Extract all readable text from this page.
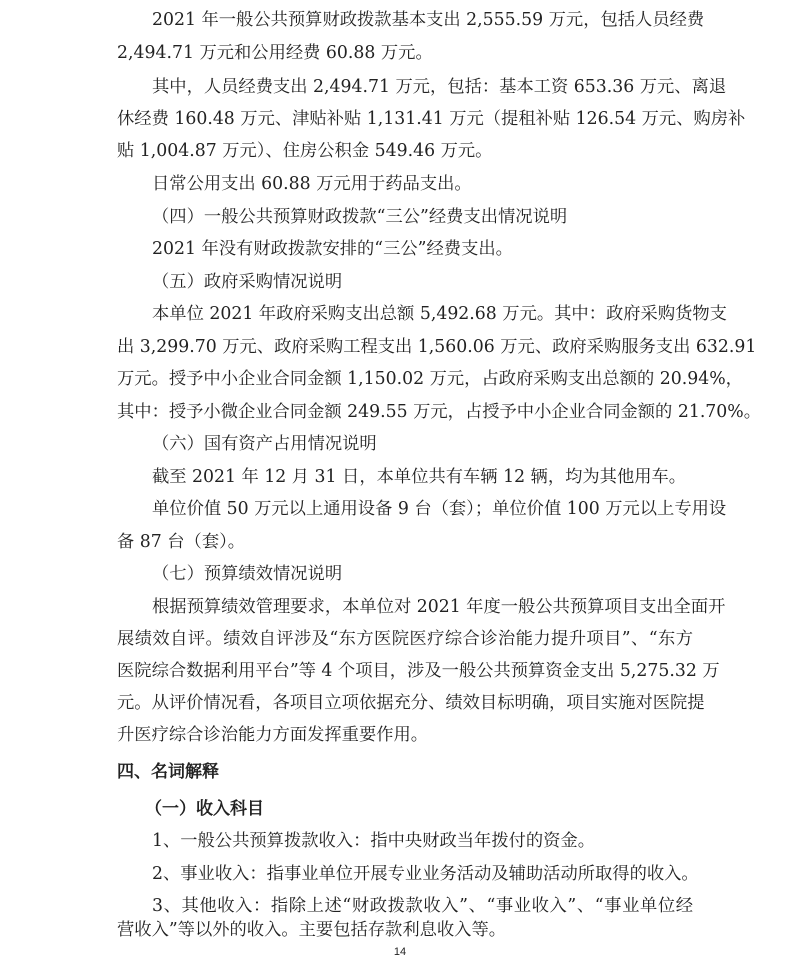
2021 年一般公共预算财政拨款基本支出 2,555.59 万元，包括人员经费
2,494.71 万元和公用经费 60.88 万元。
其中，人员经费支出 2,494.71 万元，包括：基本工资 653.36 万元、离退
休经费 160.48 万元、津贴补贴 1,131.41 万元（提租补贴 126.54 万元、购房补
贴 1,004.87 万元）、住房公积金 549.46 万元。
日常公用支出 60.88 万元用于药品支出。
（四）一般公共预算财政拨款“三公”经费支出情况说明
2021 年没有财政拨款安排的“三公”经费支出。
（五）政府采购情况说明
本单位 2021 年政府采购支出总额 5,492.68 万元。其中：政府采购货物支
出 3,299.70 万元、政府采购工程支出 1,560.06 万元、政府采购服务支出 632.91
万元。授予中小企业合同金额 1,150.02 万元，占政府采购支出总额的 20.94%，
其中：授予小微企业合同金额 249.55 万元，占授予中小企业合同金额的 21.70%。
（六）国有资产占用情况说明
截至 2021 年 12 月 31 日，本单位共有车辆 12 辆，均为其他用车。
单位价值 50 万元以上通用设备 9 台（套）；单位价值 100 万元以上专用设
备 87 台（套）。
（七）预算绩效情况说明
根据预算绩效管理要求，本单位对 2021 年度一般公共预算项目支出全面开
展绩效自评。绩效自评涉及“东方医院医疗综合诊治能力提升项目”、“东方
医院综合数据利用平台”等 4 个项目，涉及一般公共预算资金支出 5,275.32 万
元。从评价情况看，各项目立项依据充分、绩效目标明确，项目实施对医院提
升医疗综合诊治能力方面发挥重要作用。
四、名词解释
（一）收入科目
1、一般公共预算拨款收入：指中央财政当年拨付的资金。
2、事业收入：指事业单位开展专业业务活动及辅助活动所取得的收入。
3、其他收入：指除上述“财政拨款收入”、“事业收入”、“事业单位经
营收入”等以外的收入。主要包括存款利息收入等。
14
